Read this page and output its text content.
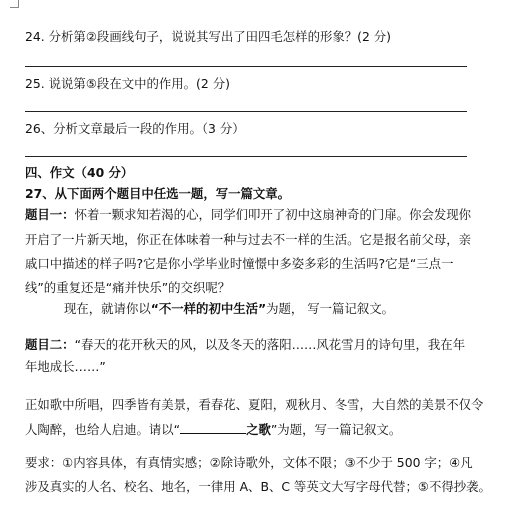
24. 分析第②段画线句子，说说其写出了田四毛怎样的形象？(2 分)
25. 说说第⑤段在文中的作用。(2 分)
26、分析文章最后一段的作用。（3 分）
四、作文（40 分）
27、从下面两个题目中任选一题，写一篇文章。
题目一：怀着一颗求知若渴的心，同学们叩开了初中这扇神奇的门扉。你会发现你
开启了一片新天地，你正在体味着一种与过去不一样的生活。它是报名前父母，亲
戚口中描述的样子吗?它是你小学毕业时憧憬中多姿多彩的生活吗?它是“三点一
线”的重复还是“痛并快乐”的交织呢？
现在，就请你以“不一样的初中生活”为题， 写一篇记叙文。
题目二：“春天的花开秋天的风，以及冬天的落阳……风花雪月的诗句里，我在年
年地成长……”
正如歌中所唱，四季皆有美景，看春花、夏阳，观秋月、冬雪，大自然的美景不仅令
人陶醉，也给人启迪。请以“	之歌”为题，写一篇记叙文。
要求：①内容具体，有真情实感；②除诗歌外，文体不限；③不少于 500 字；④凡
涉及真实的人名、校名、地名，一律用 A、B、C 等英文大写字母代替；⑤不得抄袭。
